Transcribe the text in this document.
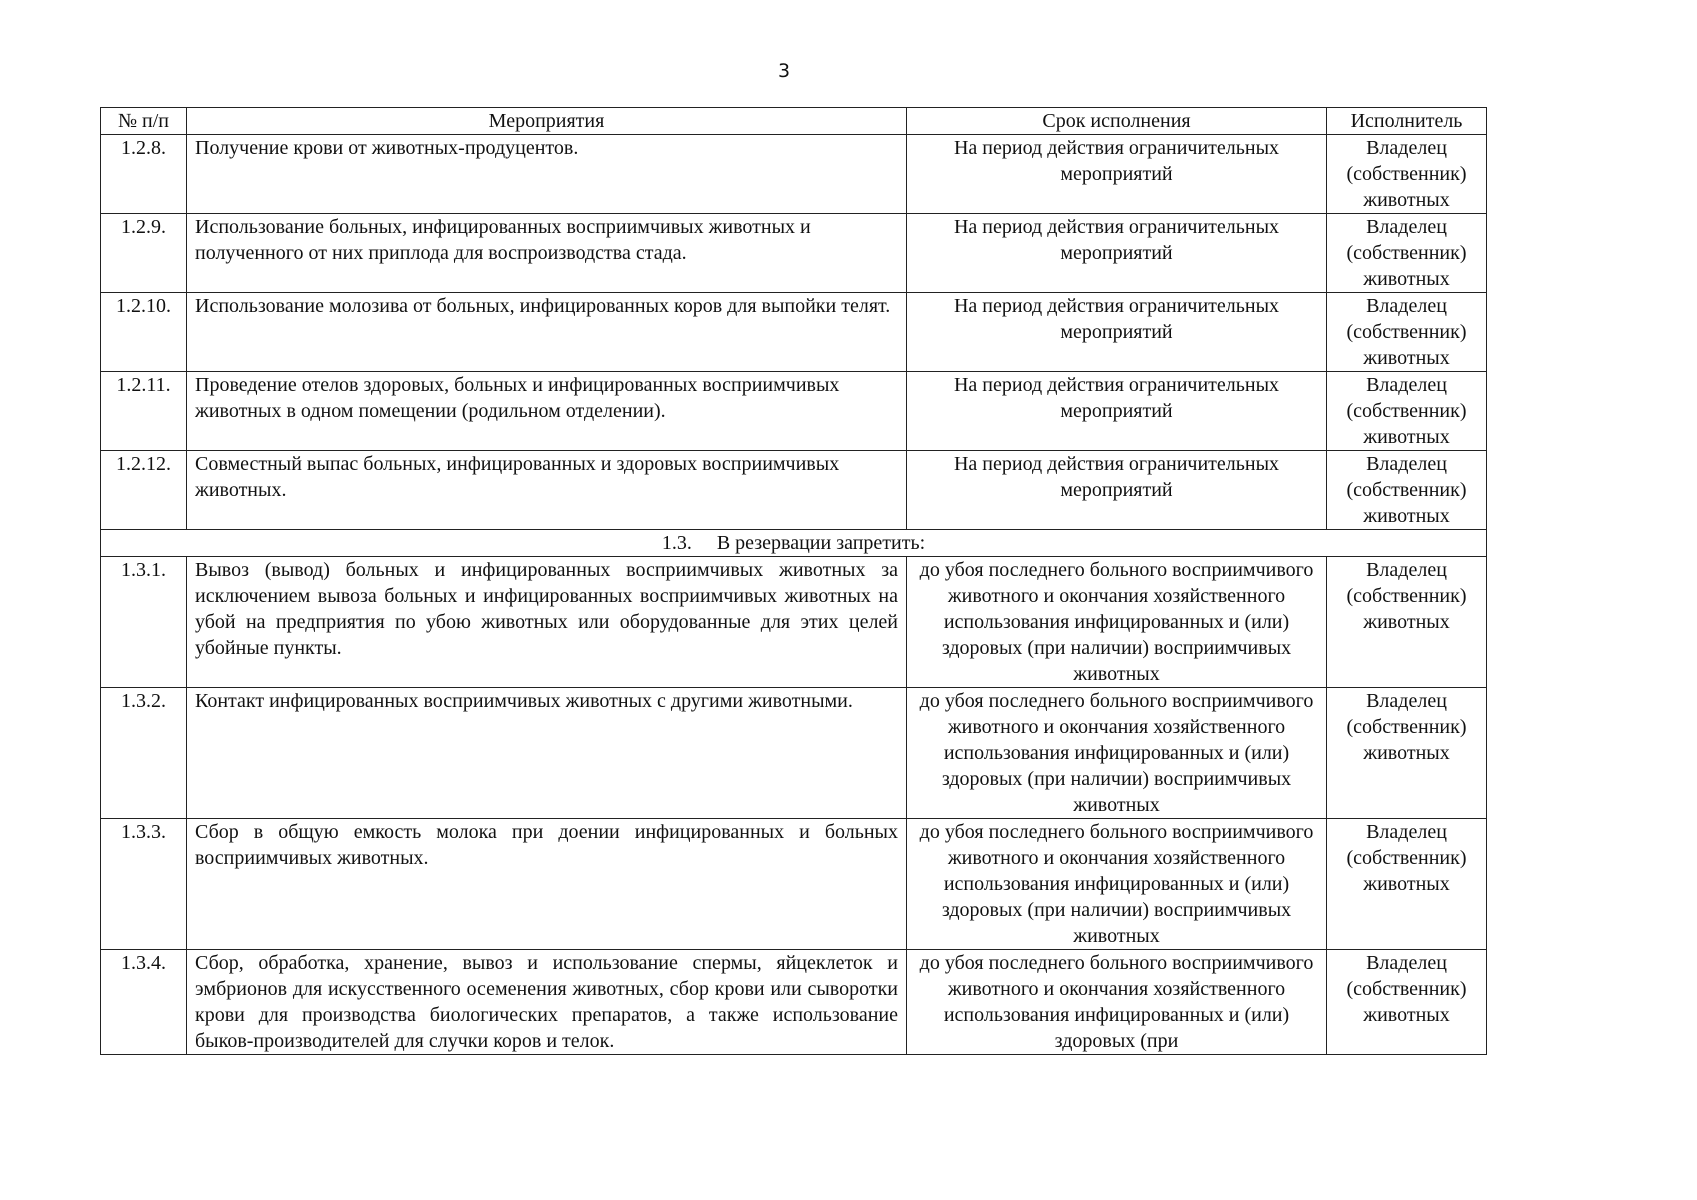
3
№ п/п	Мероприятия	Срок исполнения	Исполнитель
1.2.8.	Получение крови от животных-продуцентов.	На период действия ограничительных мероприятий	Владелец (собственник) животных
1.2.9.	Использование больных, инфицированных восприимчивых животных и полученного от них приплода для воспроизводства стада.	На период действия ограничительных мероприятий	Владелец (собственник) животных
1.2.10.	Использование молозива от больных, инфицированных коров для выпойки телят.	На период действия ограничительных мероприятий	Владелец (собственник) животных
1.2.11.	Проведение отелов здоровых, больных и инфицированных восприимчивых животных в одном помещении (родильном отделении).	На период действия ограничительных мероприятий	Владелец (собственник) животных
1.2.12.	Совместный выпас больных, инфицированных и здоровых восприимчивых животных.	На период действия ограничительных мероприятий	Владелец (собственник) животных
1.3.     В резервации запретить:			
1.3.1.	Вывоз (вывод) больных и инфицированных восприимчивых животных за исключением вывоза больных и инфицированных восприимчивых животных на убой на предприятия по убою животных или оборудованные для этих целей убойные пункты.	до убоя последнего больного восприимчивого животного и окончания хозяйственного использования инфицированных и (или) здоровых (при наличии) восприимчивых животных	Владелец (собственник) животных
1.3.2.	Контакт инфицированных восприимчивых животных с другими животными.	до убоя последнего больного восприимчивого животного и окончания хозяйственного использования инфицированных и (или) здоровых (при наличии) восприимчивых животных	Владелец (собственник) животных
1.3.3.	Сбор в общую емкость молока при доении инфицированных и больных восприимчивых животных.	до убоя последнего больного восприимчивого животного и окончания хозяйственного использования инфицированных и (или) здоровых (при наличии) восприимчивых животных	Владелец (собственник) животных
1.3.4.	Сбор, обработка, хранение, вывоз и использование спермы, яйцеклеток и эмбрионов для искусственного осеменения животных, сбор крови или сыворотки крови для производства биологических препаратов, а также использование быков-производителей для случки коров и телок.	до убоя последнего больного восприимчивого животного и окончания хозяйственного использования инфицированных и (или) здоровых (при	Владелец (собственник) животных
